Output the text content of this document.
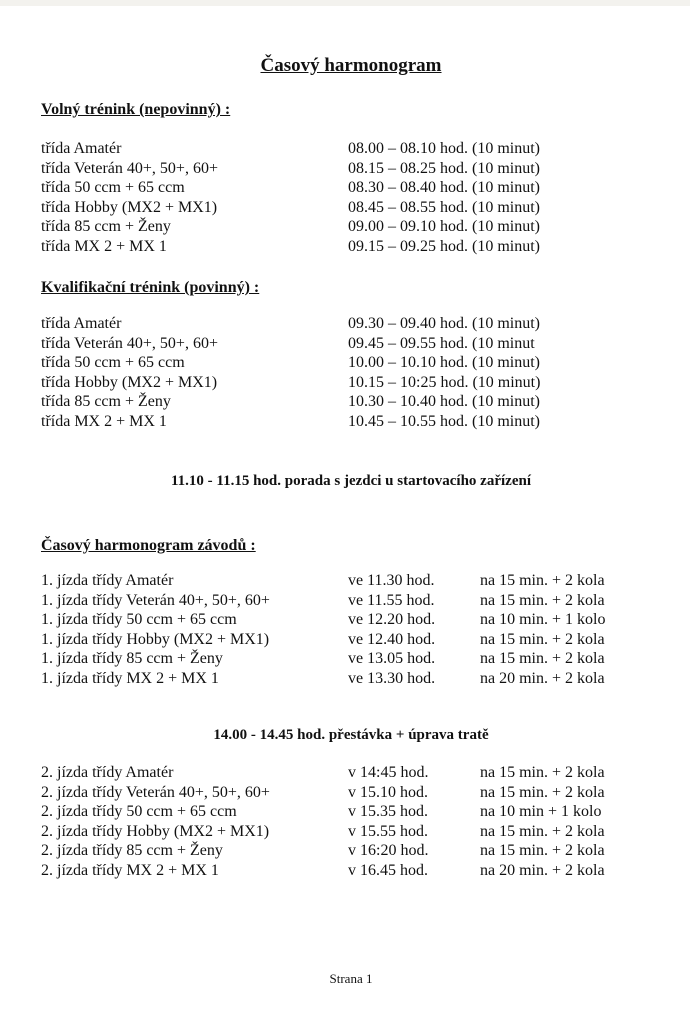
Časový harmonogram
Volný trénink (nepovinný) :
třída Amatér	08.00 – 08.10 hod. (10 minut)
třída Veterán 40+, 50+, 60+	08.15 – 08.25 hod. (10 minut)
třída 50 ccm + 65 ccm	08.30 – 08.40 hod. (10 minut)
třída Hobby (MX2 + MX1)	08.45 – 08.55 hod. (10 minut)
třída 85 ccm + Ženy	09.00 – 09.10 hod. (10 minut)
třída MX 2 + MX 1	09.15 – 09.25 hod. (10 minut)
Kvalifikační trénink (povinný) :
třída Amatér	09.30 – 09.40 hod. (10 minut)
třída Veterán 40+, 50+, 60+	09.45 – 09.55 hod. (10 minut
třída 50 ccm + 65 ccm	10.00 – 10.10 hod. (10 minut)
třída Hobby (MX2 + MX1)	10.15 – 10:25 hod. (10 minut)
třída 85 ccm + Ženy	10.30 – 10.40 hod. (10 minut)
třída MX 2 + MX 1	10.45 – 10.55 hod. (10 minut)
11.10 - 11.15 hod. porada s jezdci u startovacího zařízení
Časový harmonogram závodů :
1. jízda třídy Amatér	ve 11.30 hod.	na 15 min. + 2 kola
1. jízda třídy Veterán 40+, 50+, 60+	ve 11.55 hod.	na 15 min. + 2 kola
1. jízda třídy 50 ccm + 65 ccm	ve 12.20 hod.	na 10 min. + 1 kolo
1. jízda třídy Hobby (MX2 + MX1)	ve 12.40 hod.	na 15 min. + 2 kola
1. jízda třídy 85 ccm + Ženy	ve 13.05 hod.	na 15 min. + 2 kola
1. jízda třídy MX 2 + MX 1	ve 13.30 hod.	na 20 min. + 2 kola
14.00 - 14.45 hod. přestávka + úprava tratě
2. jízda třídy Amatér	v 14:45 hod.	na 15 min. + 2 kola
2. jízda třídy Veterán 40+, 50+, 60+	v 15.10 hod.	na 15 min. + 2 kola
2. jízda třídy 50 ccm + 65 ccm	v 15.35 hod.	na 10 min + 1 kolo
2. jízda třídy Hobby (MX2 + MX1)	v 15.55 hod.	na 15 min. + 2 kola
2. jízda třídy 85 ccm + Ženy	v 16:20 hod.	na 15 min. + 2 kola
2. jízda třídy MX 2 + MX 1	v 16.45 hod.	na 20 min. + 2 kola
Strana 1
